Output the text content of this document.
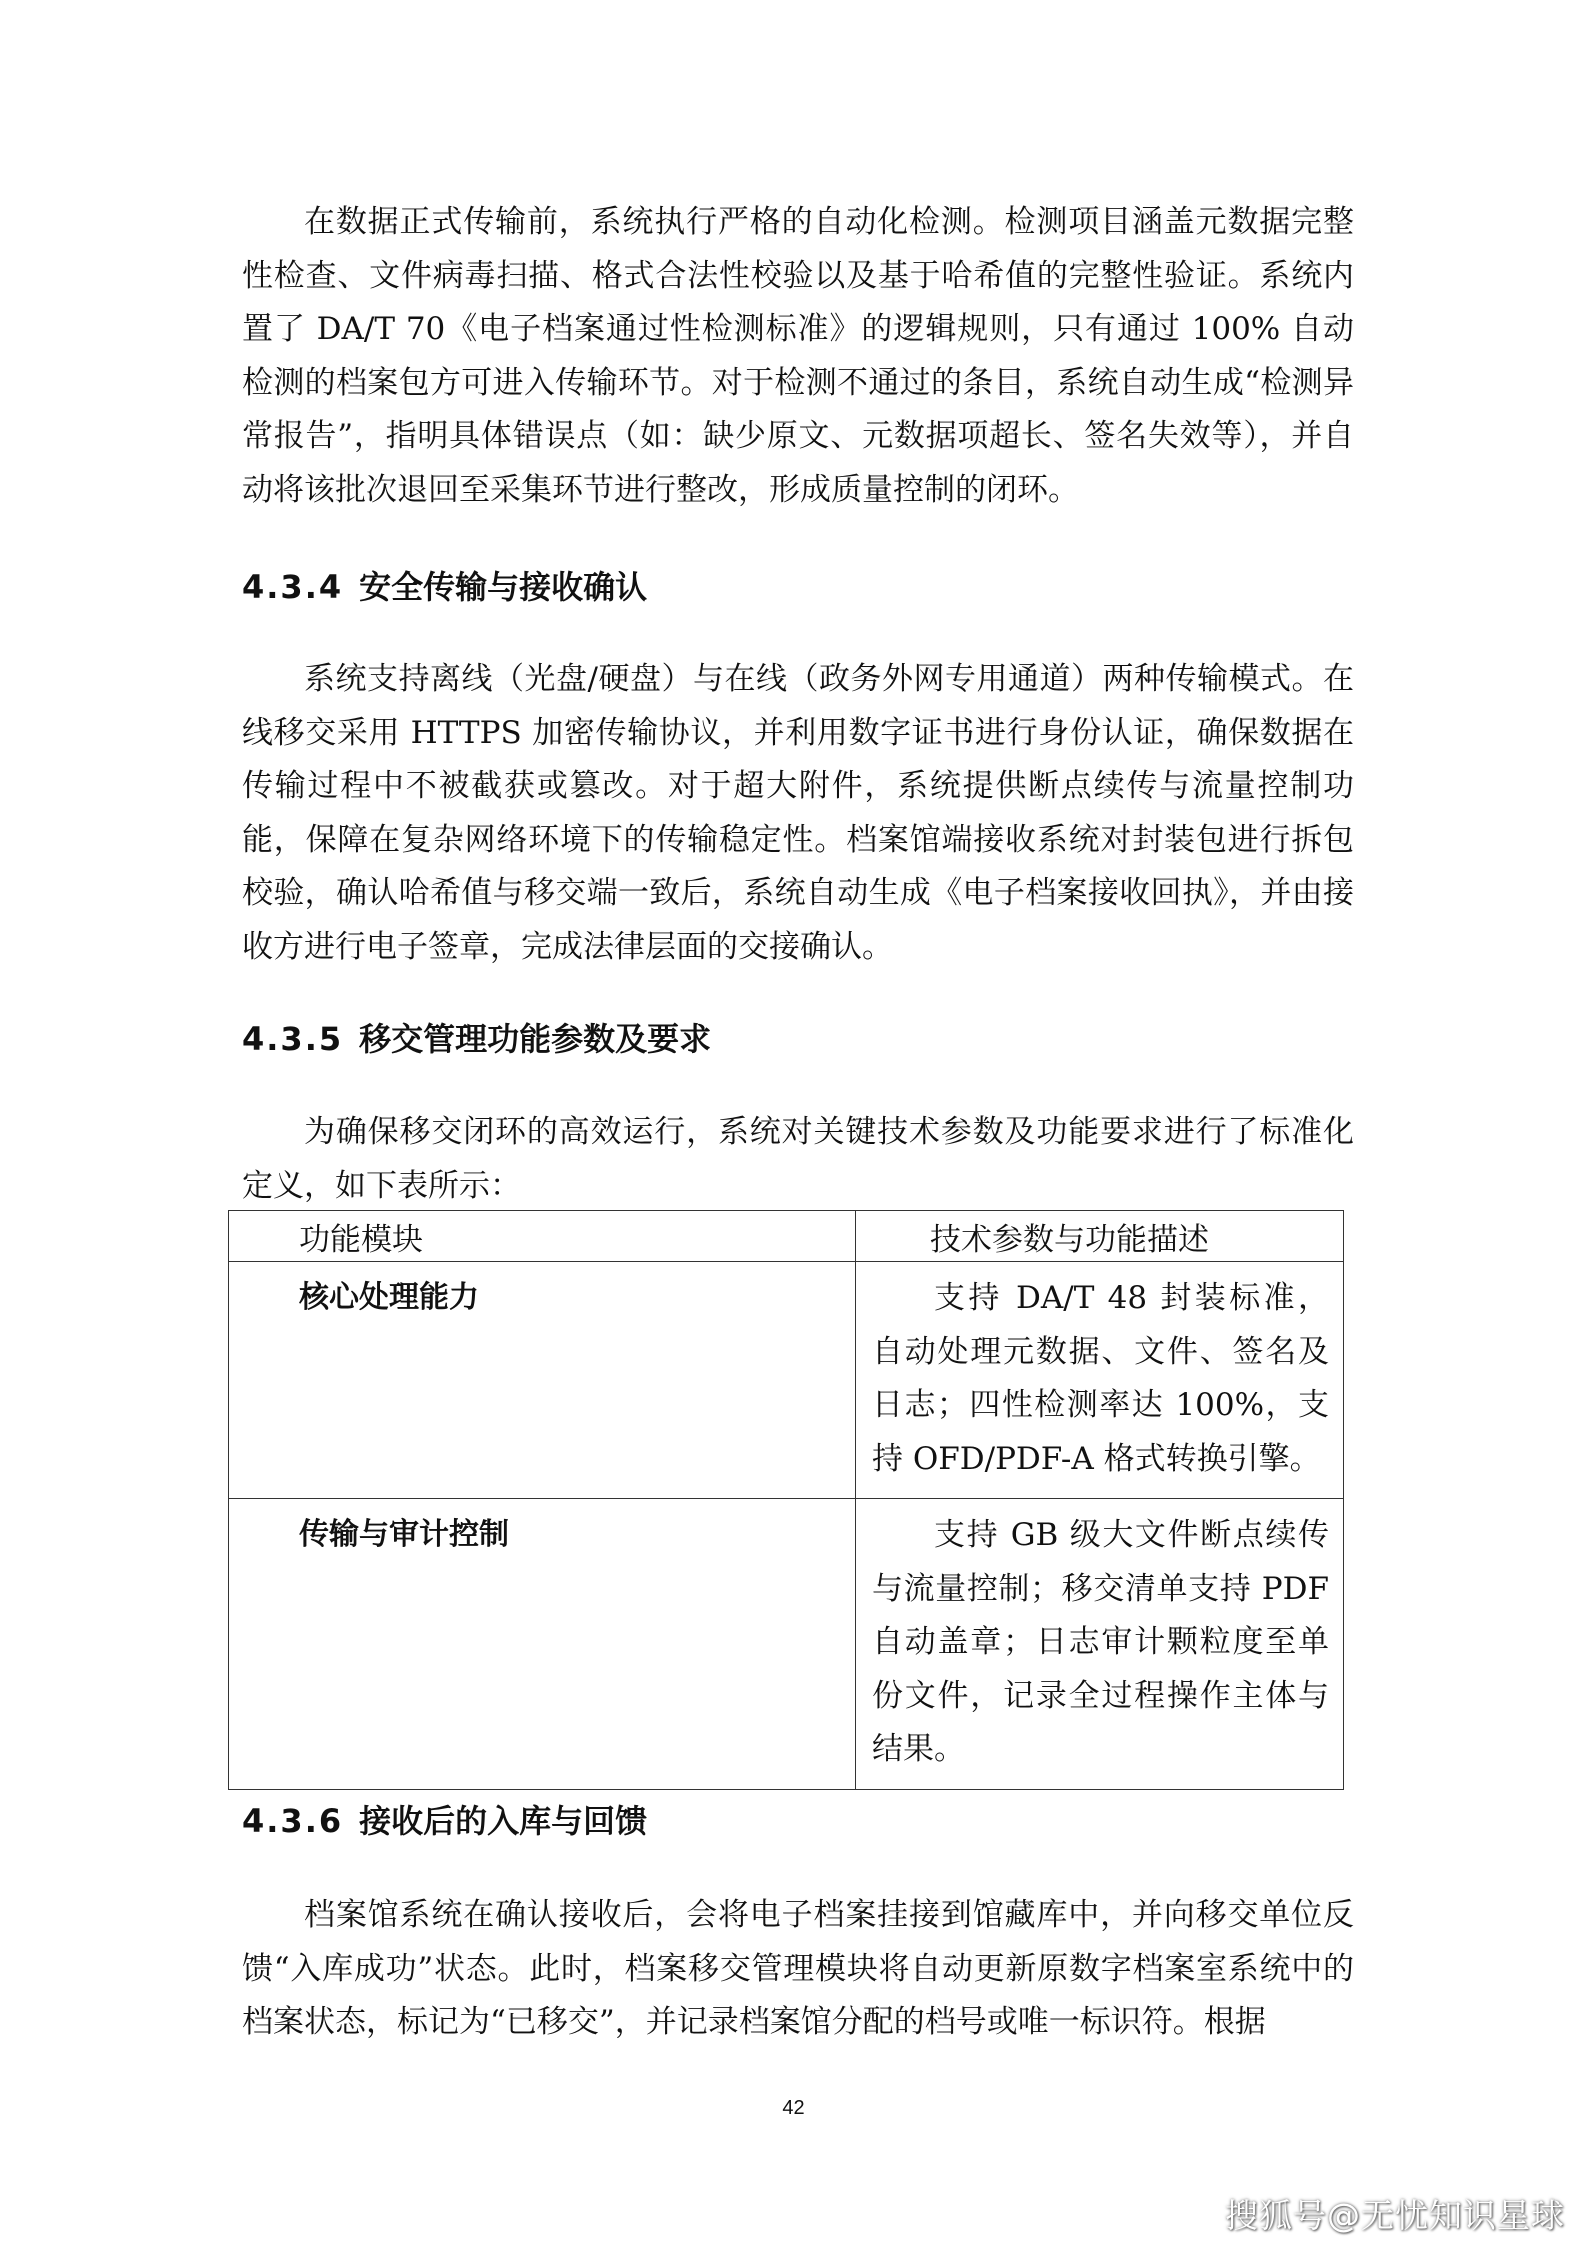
在数据正式传输前，系统执行严格的自动化检测。检测项目涵盖元数据完整性检查、文件病毒扫描、格式合法性校验以及基于哈希值的完整性验证。系统内置了 DA/T 70《电子档案通过性检测标准》的逻辑规则，只有通过 100% 自动检测的档案包方可进入传输环节。对于检测不通过的条目，系统自动生成“检测异常报告”，指明具体错误点（如：缺少原文、元数据项超长、签名失效等），并自动将该批次退回至采集环节进行整改，形成质量控制的闭环。

4.3.4 安全传输与接收确认

系统支持离线（光盘/硬盘）与在线（政务外网专用通道）两种传输模式。在线移交采用 HTTPS 加密传输协议，并利用数字证书进行身份认证，确保数据在传输过程中不被截获或篡改。对于超大附件，系统提供断点续传与流量控制功能，保障在复杂网络环境下的传输稳定性。档案馆端接收系统对封装包进行拆包校验，确认哈希值与移交端一致后，系统自动生成《电子档案接收回执》，并由接收方进行电子签章，完成法律层面的交接确认。

4.3.5 移交管理功能参数及要求

为确保移交闭环的高效运行，系统对关键技术参数及功能要求进行了标准化定义，如下表所示：

功能模块	技术参数与功能描述
核心处理能力	支持 DA/T 48 封装标准，自动处理元数据、文件、签名及日志；四性检测率达 100%，支持 OFD/PDF-A 格式转换引擎。
传输与审计控制	支持 GB 级大文件断点续传与流量控制；移交清单支持 PDF 自动盖章；日志审计颗粒度至单份文件，记录全过程操作主体与结果。
4.3.6 接收后的入库与回馈

档案馆系统在确认接收后，会将电子档案挂接到馆藏库中，并向移交单位反馈“入库成功”状态。此时，档案移交管理模块将自动更新原数字档案室系统中的档案状态，标记为“已移交”，并记录档案馆分配的档号或唯一标识符。根据

42
搜狐号@无忧知识星球
